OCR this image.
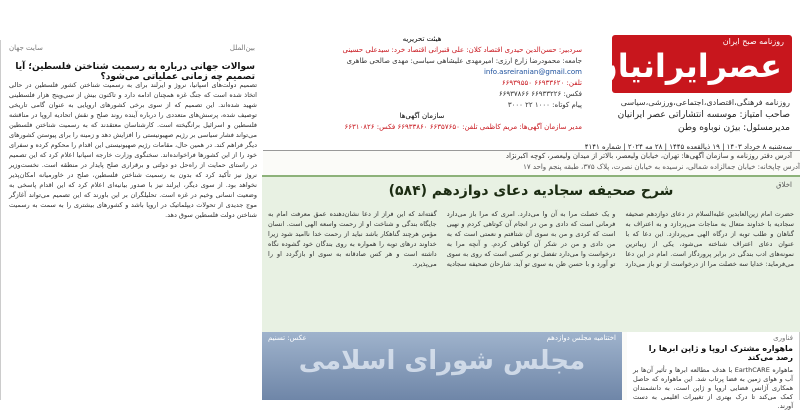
روزنامه صبح ایران
عصرایرانیان
روزنامه فرهنگی،اقتصادی،اجتماعی،ورزشی،سیاسی
صاحب امتیاز: موسسه انتشاراتی عصر ایرانیان
مدیرمسئول: بیژن نوباوه وطن
هیئت تحریریه
سردبیر: حسن‌الدین حیدری اقتصاد کلان: علی قنبرانی اقتصاد خرد: سیدعلی حسینی
جامعه: محمودرضا زارع ارزی: امیرمهدی علیشاهی سیاسی: مهدی صالحی طاهری
info.asreiranian@gmail.com
تلفن: ۶۶۹۳۳۶۲۰ ۶۶۹۳۹۵۵۰
فکس: ۶۶۹۳۳۲۲۶ ۶۶۹۳۷۸۶۶
پیام کوتاه: ۱۰۰۰ ۲۲ ۳۰۰۰
سازمان آگهی‌ها
مدیر سازمان آگهی‌ها: مریم کاظمی تلفن: ۶۶۳۵۷۶۵۰ ۶۶۹۳۳۸۶۰ فکس: ۶۶۳۱۰۸۲۶
آدرس دفتر روزنامه و سازمان آگهی‌ها: تهران، خیابان ولیعصر، بالاتر از میدان ولیعصر، کوچه اکبرنژاد
بین‌الملل
سایت جهان
سوالات جهانی درباره به رسمیت شناختن فلسطین؛ آیا تصمیم چه زمانی عملیاتی می‌شود؟
تصمیم دولت‌های اسپانیا، نروژ و ایرلند برای به رسمیت شناختن کشور فلسطین در حالی اتخاذ شده است که جنگ غزه همچنان ادامه دارد و تاکنون بیش از سی‌وپنج هزار فلسطینی شهید شده‌اند. این تصمیم که از سوی برخی کشورهای اروپایی به عنوان گامی تاریخی توصیف شده، پرسش‌های متعددی را درباره آینده روند صلح و نقش اتحادیه اروپا در مناقشه فلسطین و اسرائیل برانگیخته است. کارشناسان معتقدند که به رسمیت شناختن فلسطین می‌تواند فشار سیاسی بر رژیم صهیونیستی را افزایش دهد و زمینه را برای پیوستن کشورهای دیگر فراهم کند. در همین حال، مقامات رژیم صهیونیستی این اقدام را محکوم کرده و سفرای خود را از این کشورها فراخوانده‌اند. سخنگوی وزارت خارجه اسپانیا اعلام کرد که این تصمیم در راستای حمایت از راه‌حل دو دولتی و برقراری صلح پایدار در منطقه است. نخست‌وزیر نروژ نیز تأکید کرد که بدون به رسمیت شناختن فلسطین، صلح در خاورمیانه امکان‌پذیر نخواهد بود. از سوی دیگر، ایرلند نیز با صدور بیانیه‌ای اعلام کرد که این اقدام پاسخی به وضعیت انسانی وخیم در غزه است. تحلیلگران بر این باورند که این تصمیم می‌تواند آغازگر موج جدیدی از تحولات دیپلماتیک در اروپا باشد و کشورهای بیشتری را به سمت به رسمیت شناختن دولت فلسطین سوق دهد.
آدرس چاپخانه: خیابان جمالزاده شمالی، نرسیده به خیابان نصرت، پلاک ۳۷۵، طبقه پنجم واحد ۱۷
اخلاق
شرح صحیفه سجادیه دعای دوازدهم (۵۸۴)
حضرت امام زین‌العابدین علیه‌السلام در دعای دوازدهم صحیفه سجادیه با خداوند متعال به مناجات می‌پردازد و به اعتراف به گناهان و طلب توبه از درگاه الهی می‌پردازد. این دعا که با عنوان دعای اعتراف شناخته می‌شود، یکی از زیباترین نمونه‌های ادب بندگی در برابر پروردگار است. امام در این دعا می‌فرماید: خدایا سه خصلت مرا از درخواست از تو باز می‌دارد و یک خصلت مرا به آن وا می‌دارد. امری که مرا باز می‌دارد فرمانی است که دادی و من در انجام آن کوتاهی کردم و نهیی است که کردی و من به سوی آن شتافتم و نعمتی است که به من دادی و من در شکر آن کوتاهی کردم. و آنچه مرا به درخواست وا می‌دارد تفضل تو بر کسی است که روی به سوی تو آورد و با حسن ظن به سوی تو آید. شارحان صحیفه سجادیه گفته‌اند که این فراز از دعا نشان‌دهنده عمق معرفت امام به جایگاه بندگی و شناخت او از رحمت واسعه الهی است. انسان مؤمن هرچند گناهکار باشد نباید از رحمت خدا ناامید شود زیرا خداوند درهای توبه را همواره به روی بندگان خود گشوده نگاه داشته است و هر کس صادقانه به سوی او بازگردد او را می‌پذیرد.
اختتامیه مجلس دوازدهم
عکس: تسنیم
مجلس شورای اسلامی
فناوری
ماهواره مشترک اروپا و ژاپن ابرها را رصد می‌کند
ماهواره EarthCARE با هدف مطالعه ابرها و تأثیر آن‌ها بر آب و هوای زمین به فضا پرتاب شد. این ماهواره که حاصل همکاری آژانس فضایی اروپا و ژاپن است، به دانشمندان کمک می‌کند تا درک بهتری از تغییرات اقلیمی به دست آورند.
سه‌شنبه ۸ خرداد ۱۴۰۳ | ۱۹ ذیالقعده ۱۴۴۵ | ۲۸ مه ۲۰۲۴ | شماره ۴۱۴۱
